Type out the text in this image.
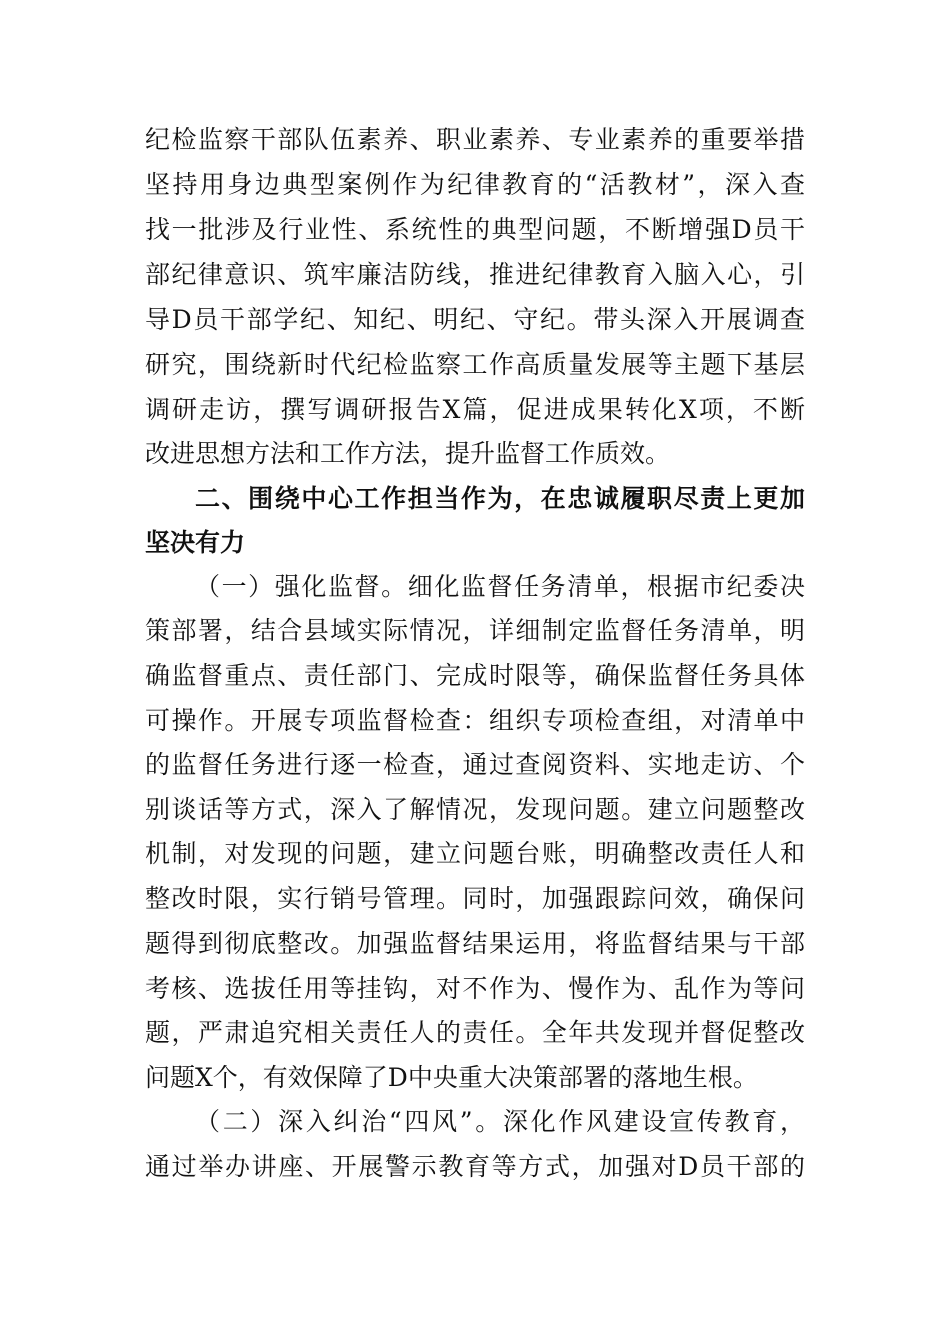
纪检监察干部队伍素养、职业素养、专业素养的重要举措
坚持用身边典型案例作为纪律教育的“活教材”，深入查
找一批涉及行业性、系统性的典型问题，不断增强D员干
部纪律意识、筑牢廉洁防线，推进纪律教育入脑入心，引
导D员干部学纪、知纪、明纪、守纪。带头深入开展调查
研究，围绕新时代纪检监察工作高质量发展等主题下基层
调研走访，撰写调研报告X篇，促进成果转化X项，不断
改进思想方法和工作方法，提升监督工作质效。
二、围绕中心工作担当作为，在忠诚履职尽责上更加
坚决有力
（一）强化监督。细化监督任务清单，根据市纪委决
策部署，结合县域实际情况，详细制定监督任务清单，明
确监督重点、责任部门、完成时限等，确保监督任务具体
可操作。开展专项监督检查：组织专项检查组，对清单中
的监督任务进行逐一检查，通过查阅资料、实地走访、个
别谈话等方式，深入了解情况，发现问题。建立问题整改
机制，对发现的问题，建立问题台账，明确整改责任人和
整改时限，实行销号管理。同时，加强跟踪问效，确保问
题得到彻底整改。加强监督结果运用，将监督结果与干部
考核、选拔任用等挂钩，对不作为、慢作为、乱作为等问
题，严肃追究相关责任人的责任。全年共发现并督促整改
问题X个，有效保障了D中央重大决策部署的落地生根。
（二）深入纠治“四风”。深化作风建设宣传教育，
通过举办讲座、开展警示教育等方式，加强对D员干部的
